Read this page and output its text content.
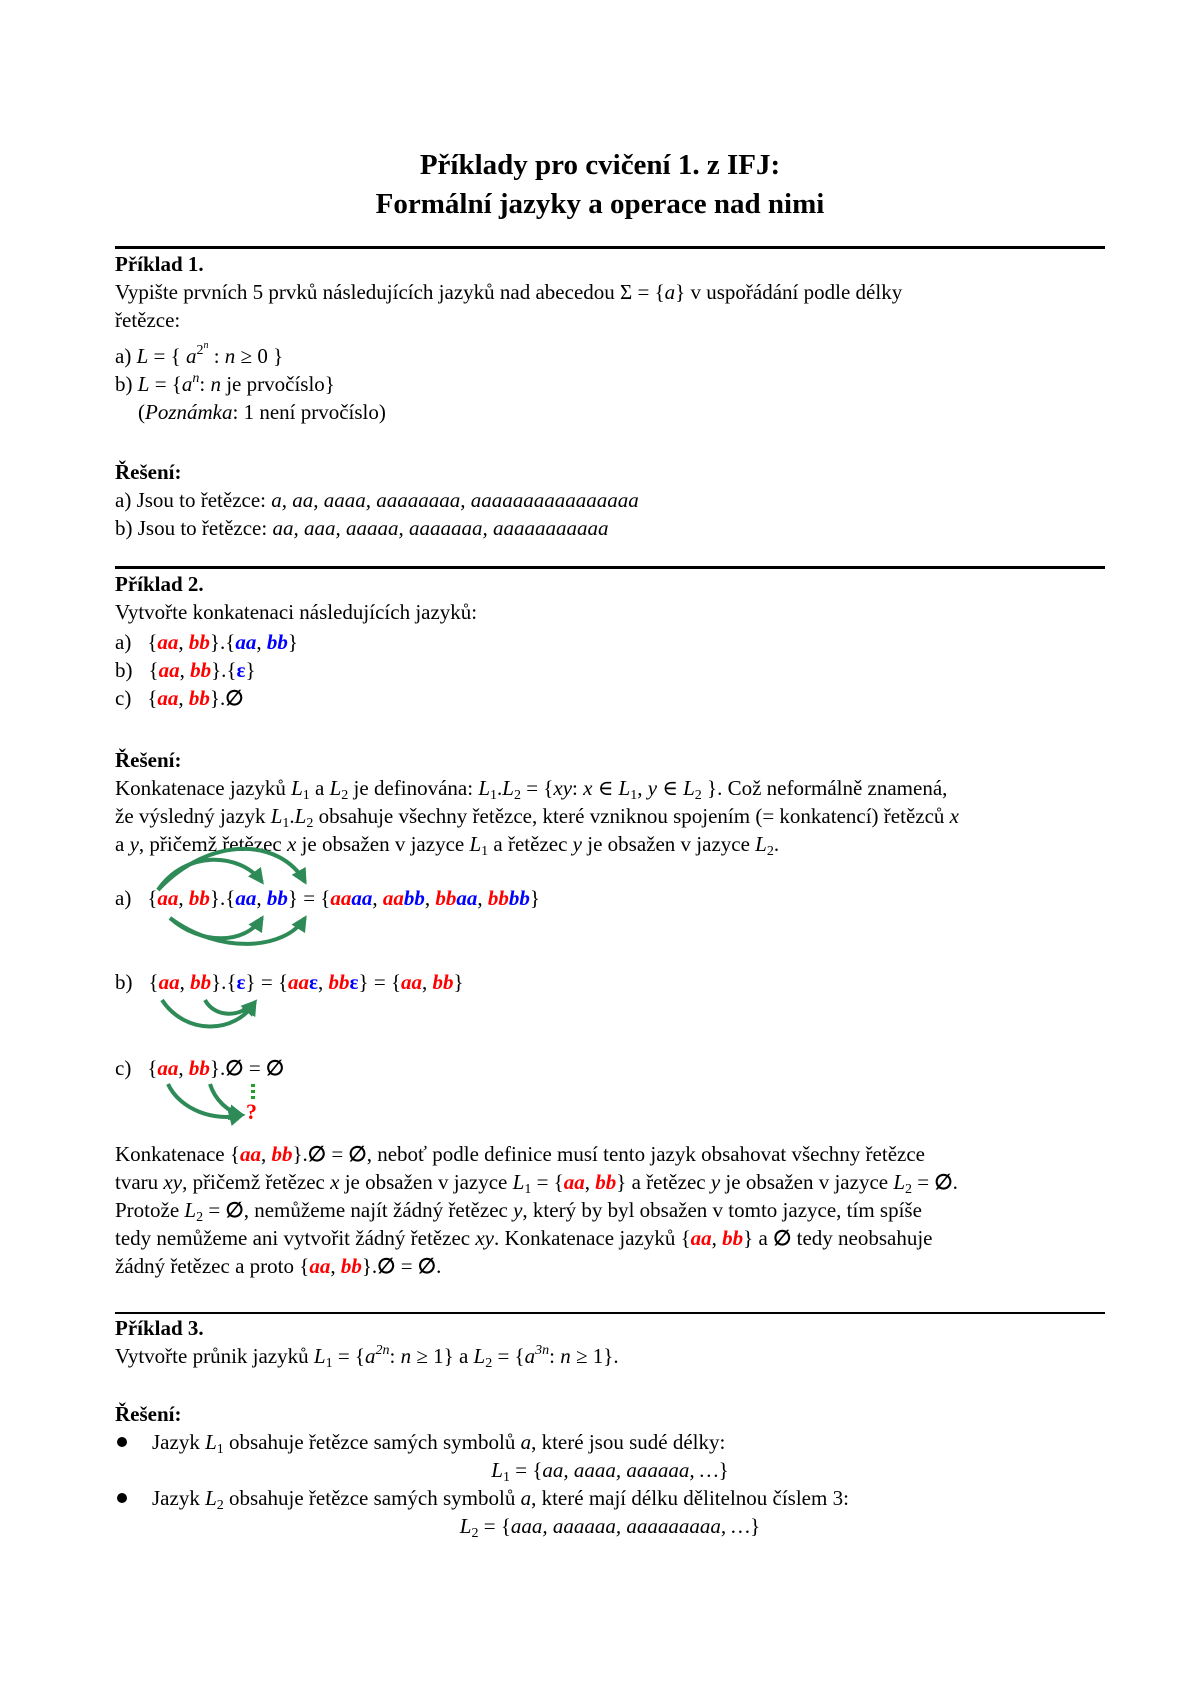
Příklady pro cvičení 1. z IFJ:
Formální jazyky a operace nad nimi
Příklad 1.
Vypište prvních 5 prvků následujících jazyků nad abecedou Σ = {a} v uspořádání podle délky
řetězce:
a) L = { $a^{2^n}$ : n ≥ 0 }
b) $L = \{a^n$: n je prvočíslo}
(Poznámka: 1 není prvočíslo)
Řešení:
a) Jsou to řetězce: a, aa, aaaa, aaaaaaaa, aaaaaaaaaaaaaaaa
b) Jsou to řetězce: aa, aaa, aaaaa, aaaaaaa, aaaaaaaaaaa
Příklad 2.
Vytvořte konkatenaci následujících jazyků:
a) {aa, bb}.{aa, bb}
b) {aa, bb}.{ε}
c) {aa, bb}.∅
Řešení:
Konkatenace jazyků $L_1$ a $L_2$ je definována: $L_1.L_2 = \{xy$: x ∈ $L_1$, y ∈ $L_2$ }. Což neformálně znamená,
že výsledný jazyk $L_1.L_2$ obsahuje všechny řetězce, které vzniknou spojením (= konkatencí) řetězců x
a y, přičemž řetězec x je obsažen v jazyce $L_1$ a řetězec y je obsažen v jazyce $L_2$.
a) {aa, bb}.{aa, bb} = {aaaa, aabb, bbaa, bbbb}
b) {aa, bb}.{ε} = {aaε, bbε} = {aa, bb}
c) {aa, bb}.∅ = ∅
?
Konkatenace {aa, bb}.∅ = ∅, neboť podle definice musí tento jazyk obsahovat všechny řetězce
tvaru xy, přičemž řetězec x je obsažen v jazyce $L_1 = \{aa$, bb} a řetězec y je obsažen v jazyce $L_2$ = ∅.
Protože $L_2$ = ∅, nemůžeme najít žádný řetězec y, který by byl obsažen v tomto jazyce, tím spíše
tedy nemůžeme ani vytvořit žádný řetězec xy. Konkatenace jazyků {aa, bb} a ∅ tedy neobsahuje
žádný řetězec a proto {aa, bb}.∅ = ∅.
Příklad 3.
Vytvořte průnik jazyků $L_1 = \{a^{2n}$: n ≥ 1} a $L_2 = \{a^{3n}$: n ≥ 1}.
Řešení:
Jazyk $L_1$ obsahuje řetězce samých symbolů a, které jsou sudé délky:
$L_1 = \{aa$, aaaa, aaaaaa, …}
Jazyk $L_2$ obsahuje řetězce samých symbolů a, které mají délku dělitelnou číslem 3:
$L_2 = \{aaa$, aaaaaa, aaaaaaaaa, …}
